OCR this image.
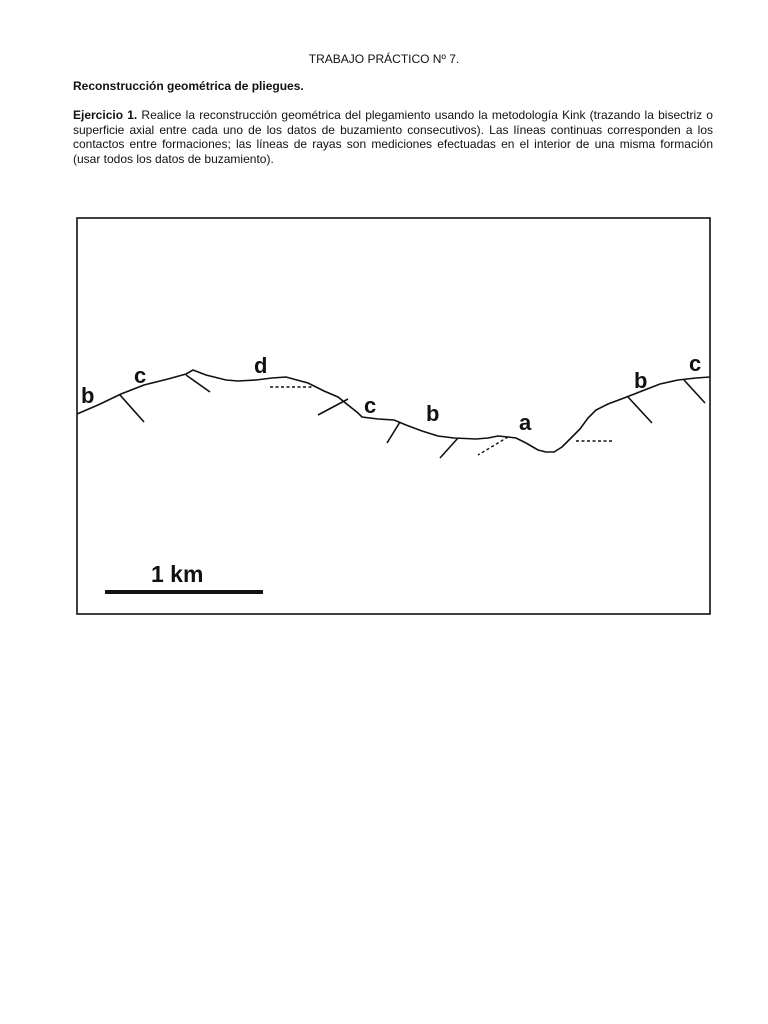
TRABAJO PRÁCTICO Nº 7.
Reconstrucción geométrica de pliegues.
Ejercicio 1. Realice la reconstrucción geométrica del plegamiento usando la metodología Kink (trazando la bisectriz o superficie axial entre cada uno de los datos de buzamiento consecutivos). Las líneas continuas corresponden a los contactos entre formaciones; las líneas de rayas son mediciones efectuadas en el interior de una misma formación (usar todos los datos de buzamiento).
b
c	d
c b	a
b
c
1 km
